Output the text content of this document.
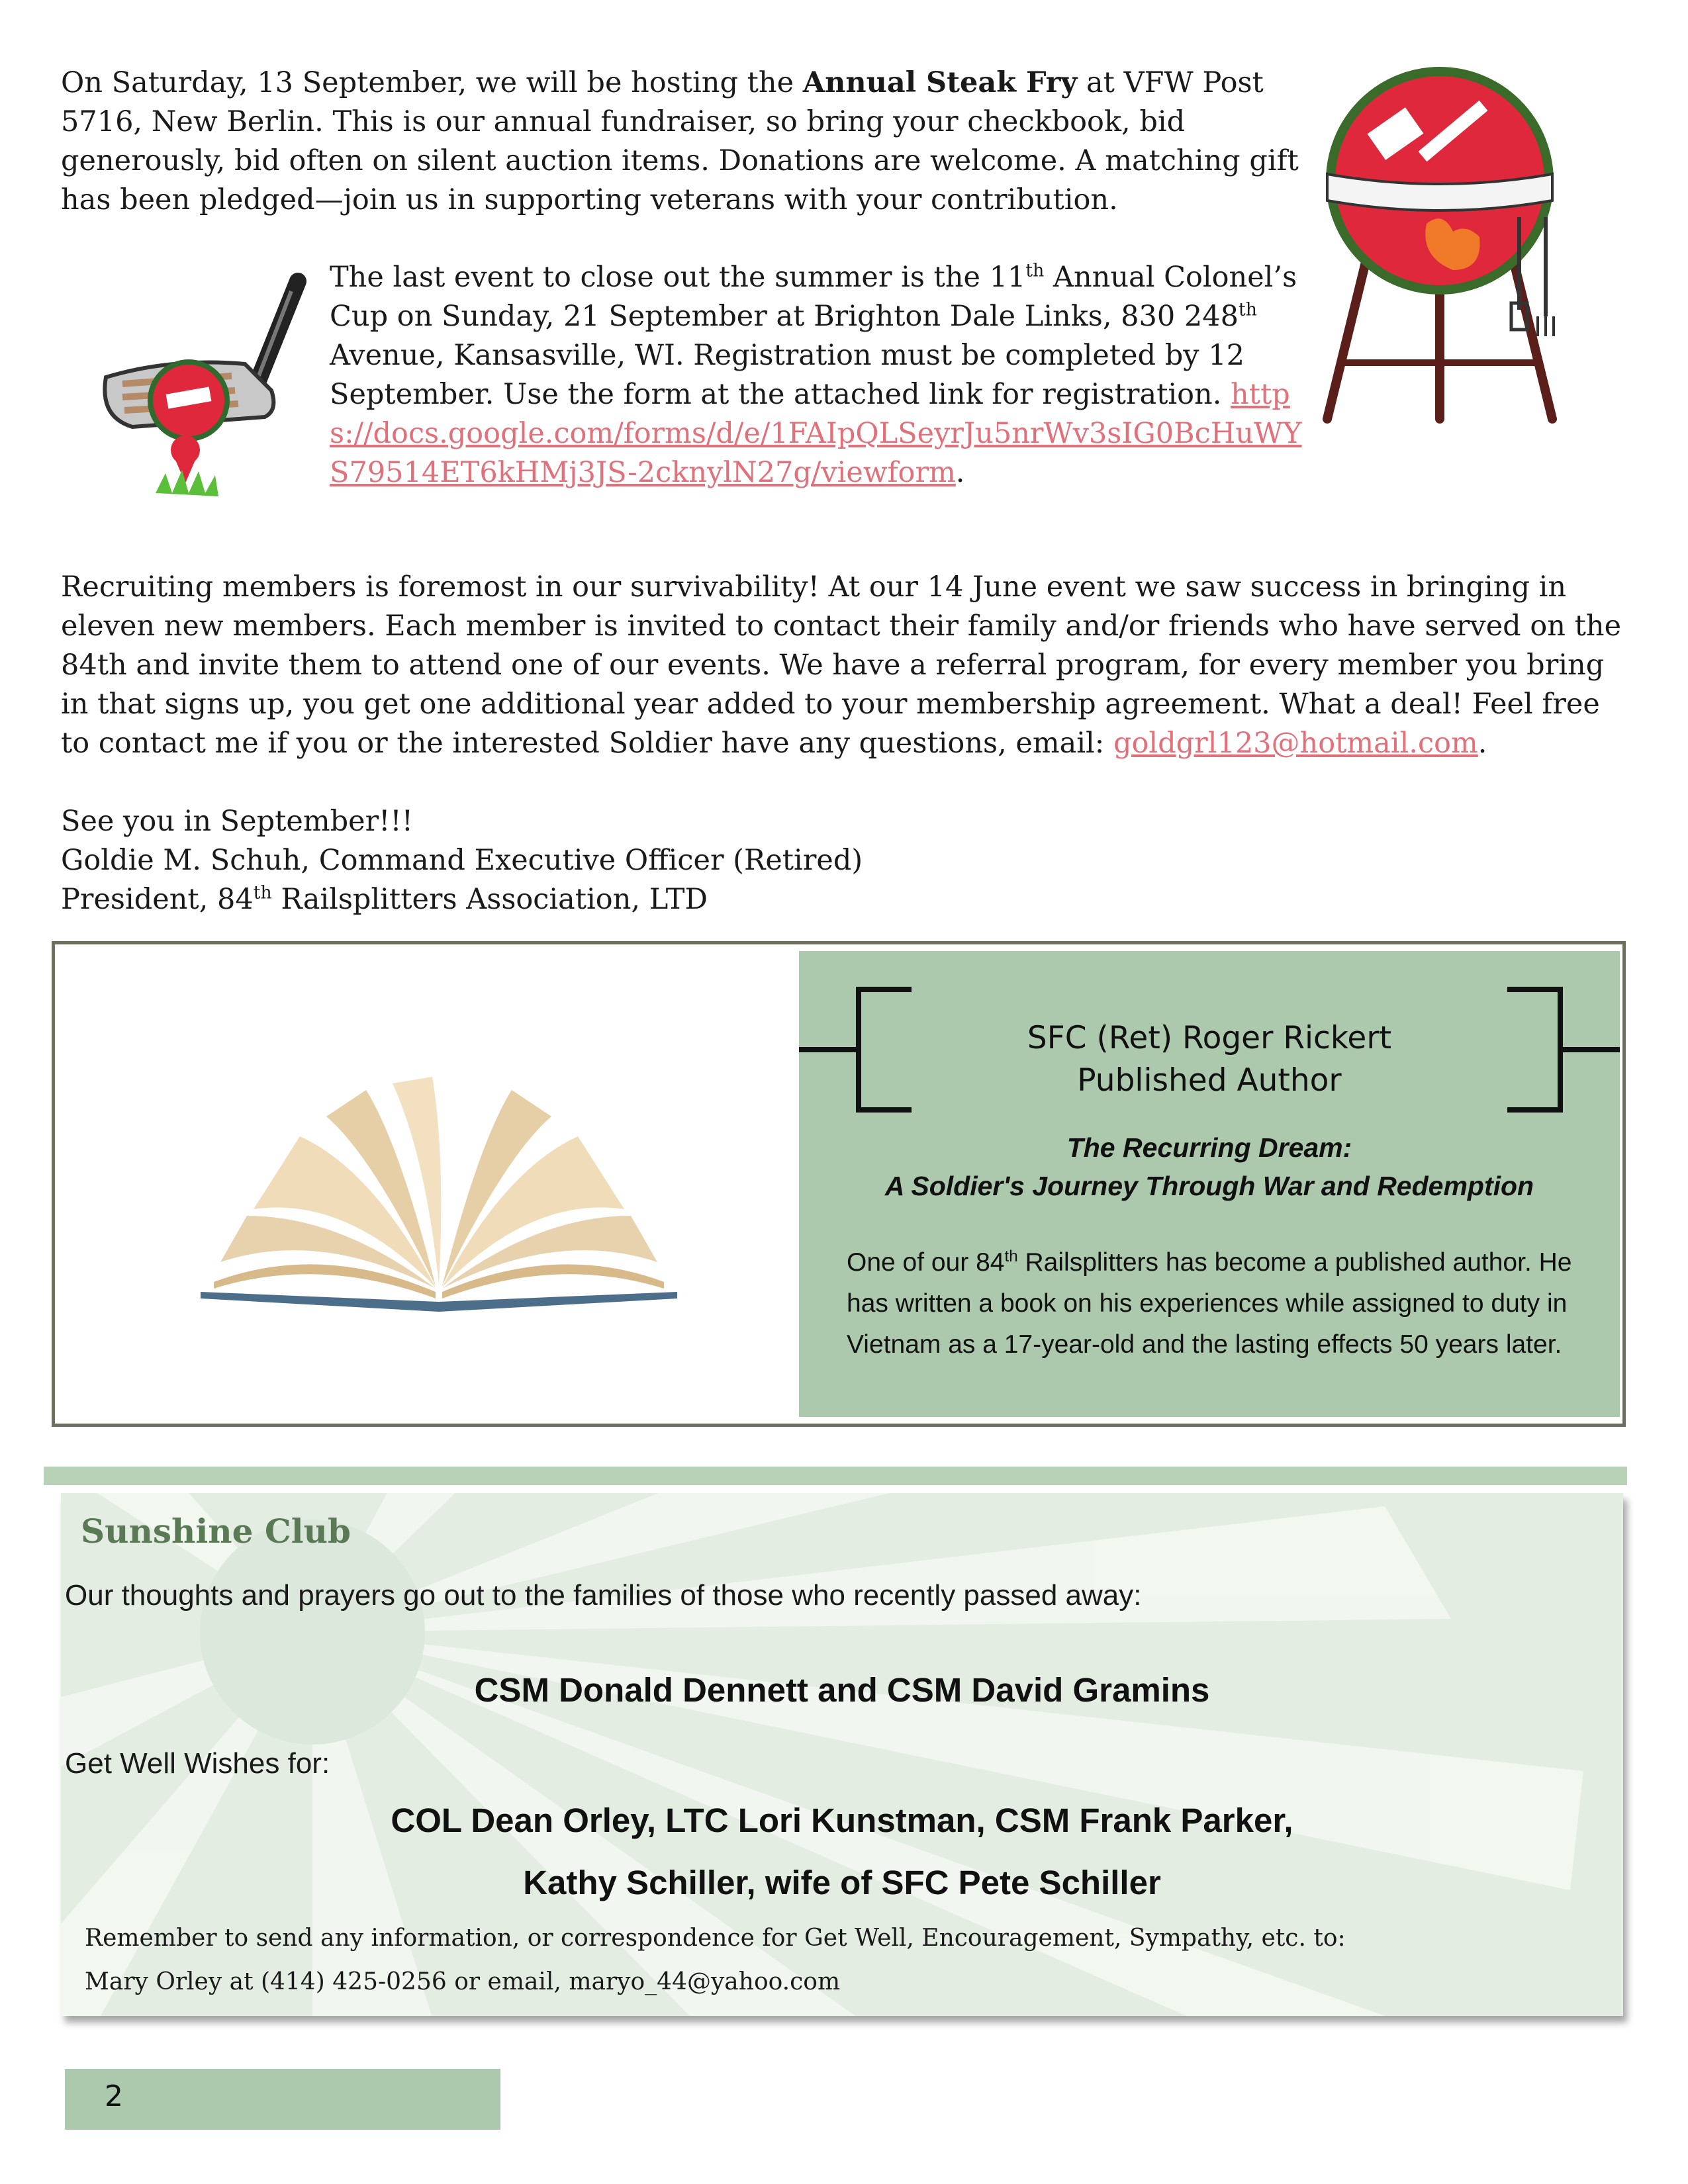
On Saturday, 13 September, we will be hosting the Annual Steak Fry at VFW Post 5716, New Berlin. This is our annual fundraiser, so bring your checkbook, bid generously, bid often on silent auction items. Donations are welcome. A matching gift has been pledged—join us in supporting veterans with your contribution.

The last event to close out the summer is the 11th Annual Colonel’s Cup on Sunday, 21 September at Brighton Dale Links, 830 248th Avenue, Kansasville, WI. Registration must be completed by 12 September. Use the form at the attached link for registration. https://docs.google.com/forms/d/e/1FAIpQLSeyrJu5nrWv3sIG0BcHuWYS79514ET6kHMj3JS-2cknylN27g/viewform.

Recruiting members is foremost in our survivability! At our 14 June event we saw success in bringing in eleven new members. Each member is invited to contact their family and/or friends who have served on the 84th and invite them to attend one of our events. We have a referral program, for every member you bring in that signs up, you get one additional year added to your membership agreement. What a deal! Feel free to contact me if you or the interested Soldier have any questions, email: goldgrl123@hotmail.com.

See you in September!!!
Goldie M. Schuh, Command Executive Officer (Retired)
President, 84th Railsplitters Association, LTD
SFC (Ret) Roger Rickert
Published Author
The Recurring Dream:
A Soldier's Journey Through War and Redemption

One of our 84th Railsplitters has become a published author. He has written a book on his experiences while assigned to duty in Vietnam as a 17-year-old and the lasting effects 50 years later.

Sunshine Club
Our thoughts and prayers go out to the families of those who recently passed away:
CSM Donald Dennett and CSM David Gramins
Get Well Wishes for:
COL Dean Orley, LTC Lori Kunstman, CSM Frank Parker,
Kathy Schiller, wife of SFC Pete Schiller
Remember to send any information, or correspondence for Get Well, Encouragement, Sympathy, etc. to:
Mary Orley at (414) 425-0256 or email, maryo_44@yahoo.com
2
